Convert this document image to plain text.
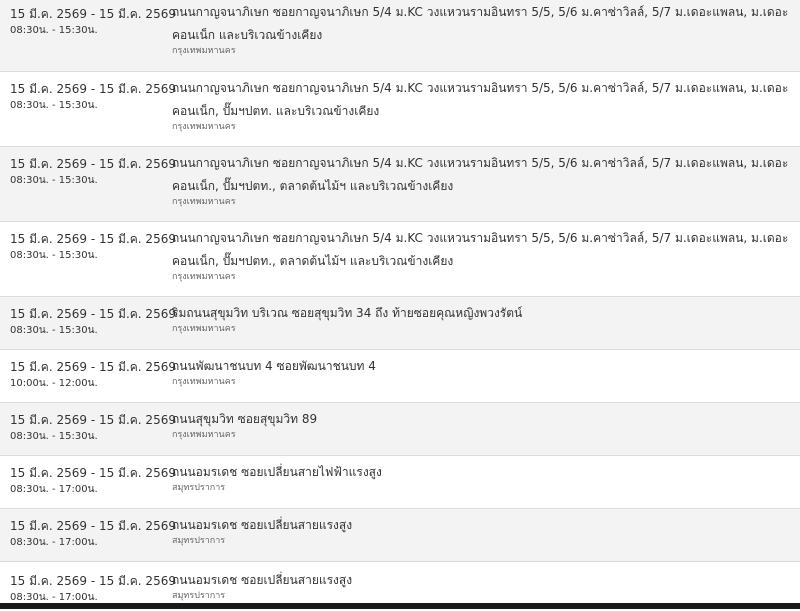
15 มี.ค. 2569 - 15 มี.ค. 2569
08:30น. - 15:30น.
ถนนกาญจนาภิเษก ซอยกาญจนาภิเษก 5/4 ม.KC วงแหวนรามอินทรา 5/5, 5/6 ม.คาซ่าวิลล์, 5/7 ม.เดอะแพลน, ม.เดอะคอนเน็ก และบริเวณข้างเคียง
กรุงเทพมหานคร
15 มี.ค. 2569 - 15 มี.ค. 2569
08:30น. - 15:30น.
ถนนกาญจนาภิเษก ซอยกาญจนาภิเษก 5/4 ม.KC วงแหวนรามอินทรา 5/5, 5/6 ม.คาซ่าวิลล์, 5/7 ม.เดอะแพลน, ม.เดอะคอนเน็ก, ปั๊มฯปตท. และบริเวณข้างเคียง
กรุงเทพมหานคร
15 มี.ค. 2569 - 15 มี.ค. 2569
08:30น. - 15:30น.
ถนนกาญจนาภิเษก ซอยกาญจนาภิเษก 5/4 ม.KC วงแหวนรามอินทรา 5/5, 5/6 ม.คาซ่าวิลล์, 5/7 ม.เดอะแพลน, ม.เดอะคอนเน็ก, ปั๊มฯปตท., ตลาดต้นไม้ฯ และบริเวณข้างเคียง
กรุงเทพมหานคร
15 มี.ค. 2569 - 15 มี.ค. 2569
08:30น. - 15:30น.
ถนนกาญจนาภิเษก ซอยกาญจนาภิเษก 5/4 ม.KC วงแหวนรามอินทรา 5/5, 5/6 ม.คาซ่าวิลล์, 5/7 ม.เดอะแพลน, ม.เดอะคอนเน็ก, ปั๊มฯปตท., ตลาดต้นไม้ฯ และบริเวณข้างเคียง
กรุงเทพมหานคร
15 มี.ค. 2569 - 15 มี.ค. 2569
08:30น. - 15:30น.
ริมถนนสุขุมวิท บริเวณ ซอยสุขุมวิท 34 ถึง ท้ายซอยคุณหญิงพวงรัตน์
กรุงเทพมหานคร
15 มี.ค. 2569 - 15 มี.ค. 2569
10:00น. - 12:00น.
ถนนพัฒนาชนบท 4 ซอยพัฒนาชนบท 4
กรุงเทพมหานคร
15 มี.ค. 2569 - 15 มี.ค. 2569
08:30น. - 15:30น.
ถนนสุขุมวิท ซอยสุขุมวิท 89
กรุงเทพมหานคร
15 มี.ค. 2569 - 15 มี.ค. 2569
08:30น. - 17:00น.
ถนนอมรเดช ซอยเปลี่ยนสายไฟฟ้าแรงสูง
สมุทรปราการ
15 มี.ค. 2569 - 15 มี.ค. 2569
08:30น. - 17:00น.
ถนนอมรเดช ซอยเปลี่ยนสายแรงสูง
สมุทรปราการ
15 มี.ค. 2569 - 15 มี.ค. 2569
08:30น. - 17:00น.
ถนนอมรเดช ซอยเปลี่ยนสายแรงสูง
สมุทรปราการ
